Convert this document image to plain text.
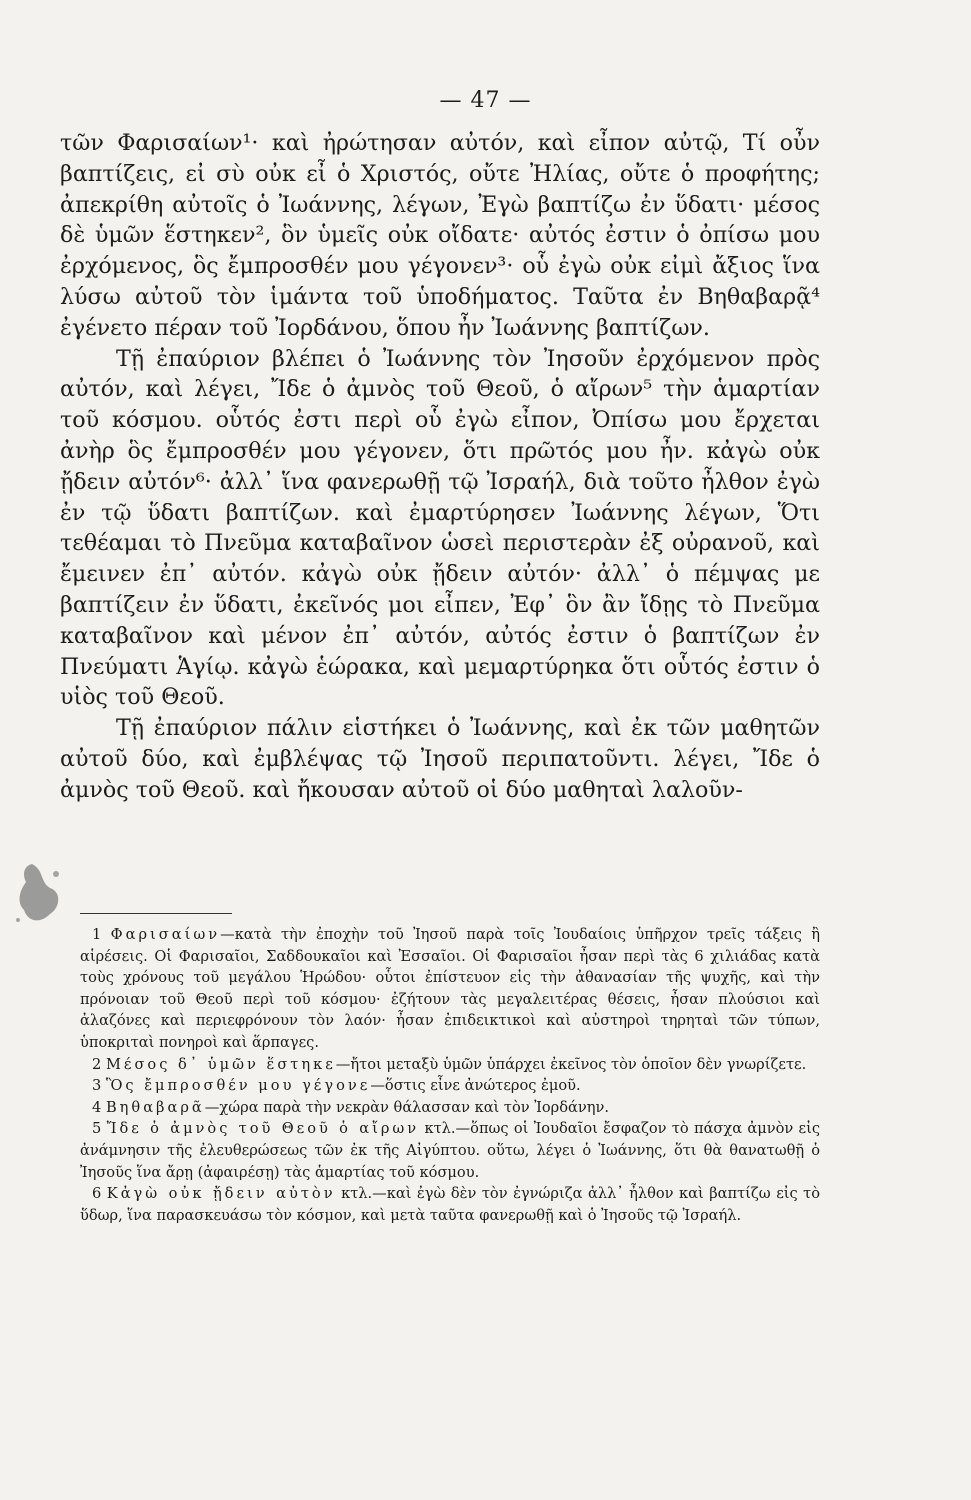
— 47 —

τῶν Φαρισαίων¹· καὶ ἠρώτησαν αὐτόν, καὶ εἶπον αὐτῷ, Τί οὖν βαπτίζεις, εἰ σὺ οὐκ εἶ ὁ Χριστός, οὔτε Ἠλίας, οὔτε ὁ προφήτης; ἀπεκρίθη αὐτοῖς ὁ Ἰωάννης, λέγων, Ἐγὼ βαπτίζω ἐν ὕδατι· μέσος δὲ ὑμῶν ἕστηκεν², ὃν ὑμεῖς οὐκ οἴδατε· αὐτός ἐστιν ὁ ὀπίσω μου ἐρχόμενος, ὃς ἔμπροσθέν μου γέγονεν³· οὗ ἐγὼ οὐκ εἰμὶ ἄξιος ἵνα λύσω αὐτοῦ τὸν ἱμάντα τοῦ ὑποδήματος. Ταῦτα ἐν Βηθαβαρᾷ⁴ ἐγένετο πέραν τοῦ Ἰορδάνου, ὅπου ἦν Ἰωάννης βαπτίζων.

Τῇ ἐπαύριον βλέπει ὁ Ἰωάννης τὸν Ἰησοῦν ἐρχόμενον πρὸς αὐτόν, καὶ λέγει, Ἴδε ὁ ἀμνὸς τοῦ Θεοῦ, ὁ αἴρων⁵ τὴν ἁμαρτίαν τοῦ κόσμου. οὗτός ἐστι περὶ οὗ ἐγὼ εἶπον, Ὀπίσω μου ἔρχεται ἀνὴρ ὃς ἔμπροσθέν μου γέγονεν, ὅτι πρῶτός μου ἦν. κἀγὼ οὐκ ᾔδειν αὐτόν⁶· ἀλλ᾽ ἵνα φανερωθῇ τῷ Ἰσραήλ, διὰ τοῦτο ἦλθον ἐγὼ ἐν τῷ ὕδατι βαπτίζων. καὶ ἐμαρτύρησεν Ἰωάννης λέγων, Ὅτι τεθέαμαι τὸ Πνεῦμα καταβαῖνον ὡσεὶ περιστερὰν ἐξ οὐρανοῦ, καὶ ἔμεινεν ἐπ᾽ αὐτόν. κἀγὼ οὐκ ᾔδειν αὐτόν· ἀλλ᾽ ὁ πέμψας με βαπτίζειν ἐν ὕδατι, ἐκεῖνός μοι εἶπεν, Ἐφ᾽ ὃν ἂν ἴδῃς τὸ Πνεῦμα καταβαῖνον καὶ μένον ἐπ᾽ αὐτόν, αὐτός ἐστιν ὁ βαπτίζων ἐν Πνεύματι Ἁγίῳ. κἀγὼ ἑώρακα, καὶ μεμαρτύρηκα ὅτι οὗτός ἐστιν ὁ υἱὸς τοῦ Θεοῦ.

Τῇ ἐπαύριον πάλιν εἱστήκει ὁ Ἰωάννης, καὶ ἐκ τῶν μαθητῶν αὐτοῦ δύο, καὶ ἐμβλέψας τῷ Ἰησοῦ περιπατοῦντι. λέγει, Ἴδε ὁ ἀμνὸς τοῦ Θεοῦ. καὶ ἤκουσαν αὐτοῦ οἱ δύο μαθηταὶ λαλοῦν-

1 Φαρισαίων—κατὰ τὴν ἐποχὴν τοῦ Ἰησοῦ παρὰ τοῖς Ἰουδαίοις ὑπῆρχον τρεῖς τάξεις ἢ αἱρέσεις. Οἱ Φαρισαῖοι, Σαδδουκαῖοι καὶ Ἐσσαῖοι. Οἱ Φαρισαῖοι ἦσαν περὶ τὰς 6 χιλιάδας κατὰ τοὺς χρόνους τοῦ μεγάλου Ἡρώδου· οὗτοι ἐπίστευον εἰς τὴν ἀθανασίαν τῆς ψυχῆς, καὶ τὴν πρόνοιαν τοῦ Θεοῦ περὶ τοῦ κόσμου· ἐζήτουν τὰς μεγαλειτέρας θέσεις, ἦσαν πλούσιοι καὶ ἀλαζόνες καὶ περιεφρόνουν τὸν λαόν· ἦσαν ἐπιδεικτικοὶ καὶ αὐστηροὶ τηρηταὶ τῶν τύπων, ὑποκριταὶ πονηροὶ καὶ ἅρπαγες.

2 Μέσος δ᾽ ὑμῶν ἕστηκε—ἤτοι μεταξὺ ὑμῶν ὑπάρχει ἐκεῖνος τὸν ὁποῖον δὲν γνωρίζετε.

3 Ὃς ἔμπροσθέν μου γέγονε—ὅστις εἶνε ἀνώτερος ἐμοῦ.

4 Βηθαβαρᾶ—χώρα παρὰ τὴν νεκρὰν θάλασσαν καὶ τὸν Ἰορδάνην.

5 Ἴδε ὁ ἀμνὸς τοῦ Θεοῦ ὁ αἴρων κτλ.—ὅπως οἱ Ἰουδαῖοι ἔσφαζον τὸ πάσχα ἀμνὸν εἰς ἀνάμνησιν τῆς ἐλευθερώσεως τῶν ἐκ τῆς Αἰγύπτου. οὕτω, λέγει ὁ Ἰωάννης, ὅτι θὰ θανατωθῇ ὁ Ἰησοῦς ἵνα ἄρῃ (ἀφαιρέσῃ) τὰς ἁμαρτίας τοῦ κόσμου.

6 Κἀγὼ οὐκ ᾔδειν αὐτὸν κτλ.—καὶ ἐγὼ δὲν τὸν ἐγνώριζα ἀλλ᾽ ἦλθον καὶ βαπτίζω εἰς τὸ ὕδωρ, ἵνα παρασκευάσω τὸν κόσμον, καὶ μετὰ ταῦτα φανερωθῇ καὶ ὁ Ἰησοῦς τῷ Ἰσραήλ.
